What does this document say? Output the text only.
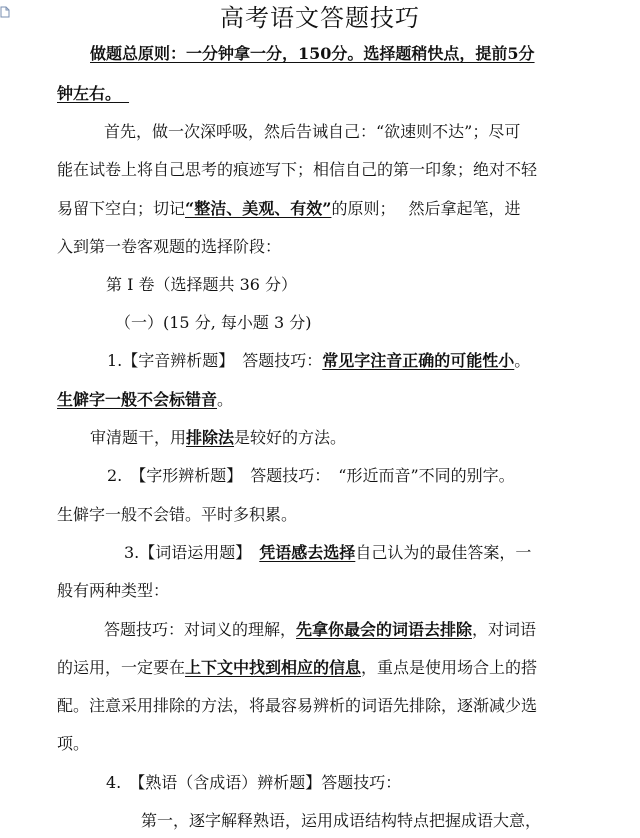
高考语文答题技巧
做题总原则：一分钟拿一分，150分。选择题稍快点，提前5分
钟左右。　
首先，做一次深呼吸，然后告诫自己：“欲速则不达”；尽可
能在试卷上将自己思考的痕迹写下；相信自己的第一印象；绝对不轻
易留下空白；切记“整洁、美观、有效”的原则；　 然后拿起笔，进
入到第一卷客观题的选择阶段：
第 I 卷（选择题共 36 分）
（一）(15 分, 每小题 3 分)
1.【字音辨析题】　答题技巧：常见字注音正确的可能性小。
生僻字一般不会标错音。
审清题干，用排除法是较好的方法。
2.　【字形辨析题】　答题技巧：　“形近而音”不同的别字。
生僻字一般不会错。平时多积累。
3.【词语运用题】　 凭语感去选择自己认为的最佳答案，一
般有两种类型：
答题技巧：对词义的理解，先拿你最会的词语去排除，对词语
的运用，一定要在上下文中找到相应的信息，重点是使用场合上的搭
配。注意采用排除的方法，将最容易辨析的词语先排除，逐渐减少选
项。
4.　【熟语（含成语）辨析题】答题技巧：
第一，逐字解释熟语，运用成语结构特点把握成语大意，
